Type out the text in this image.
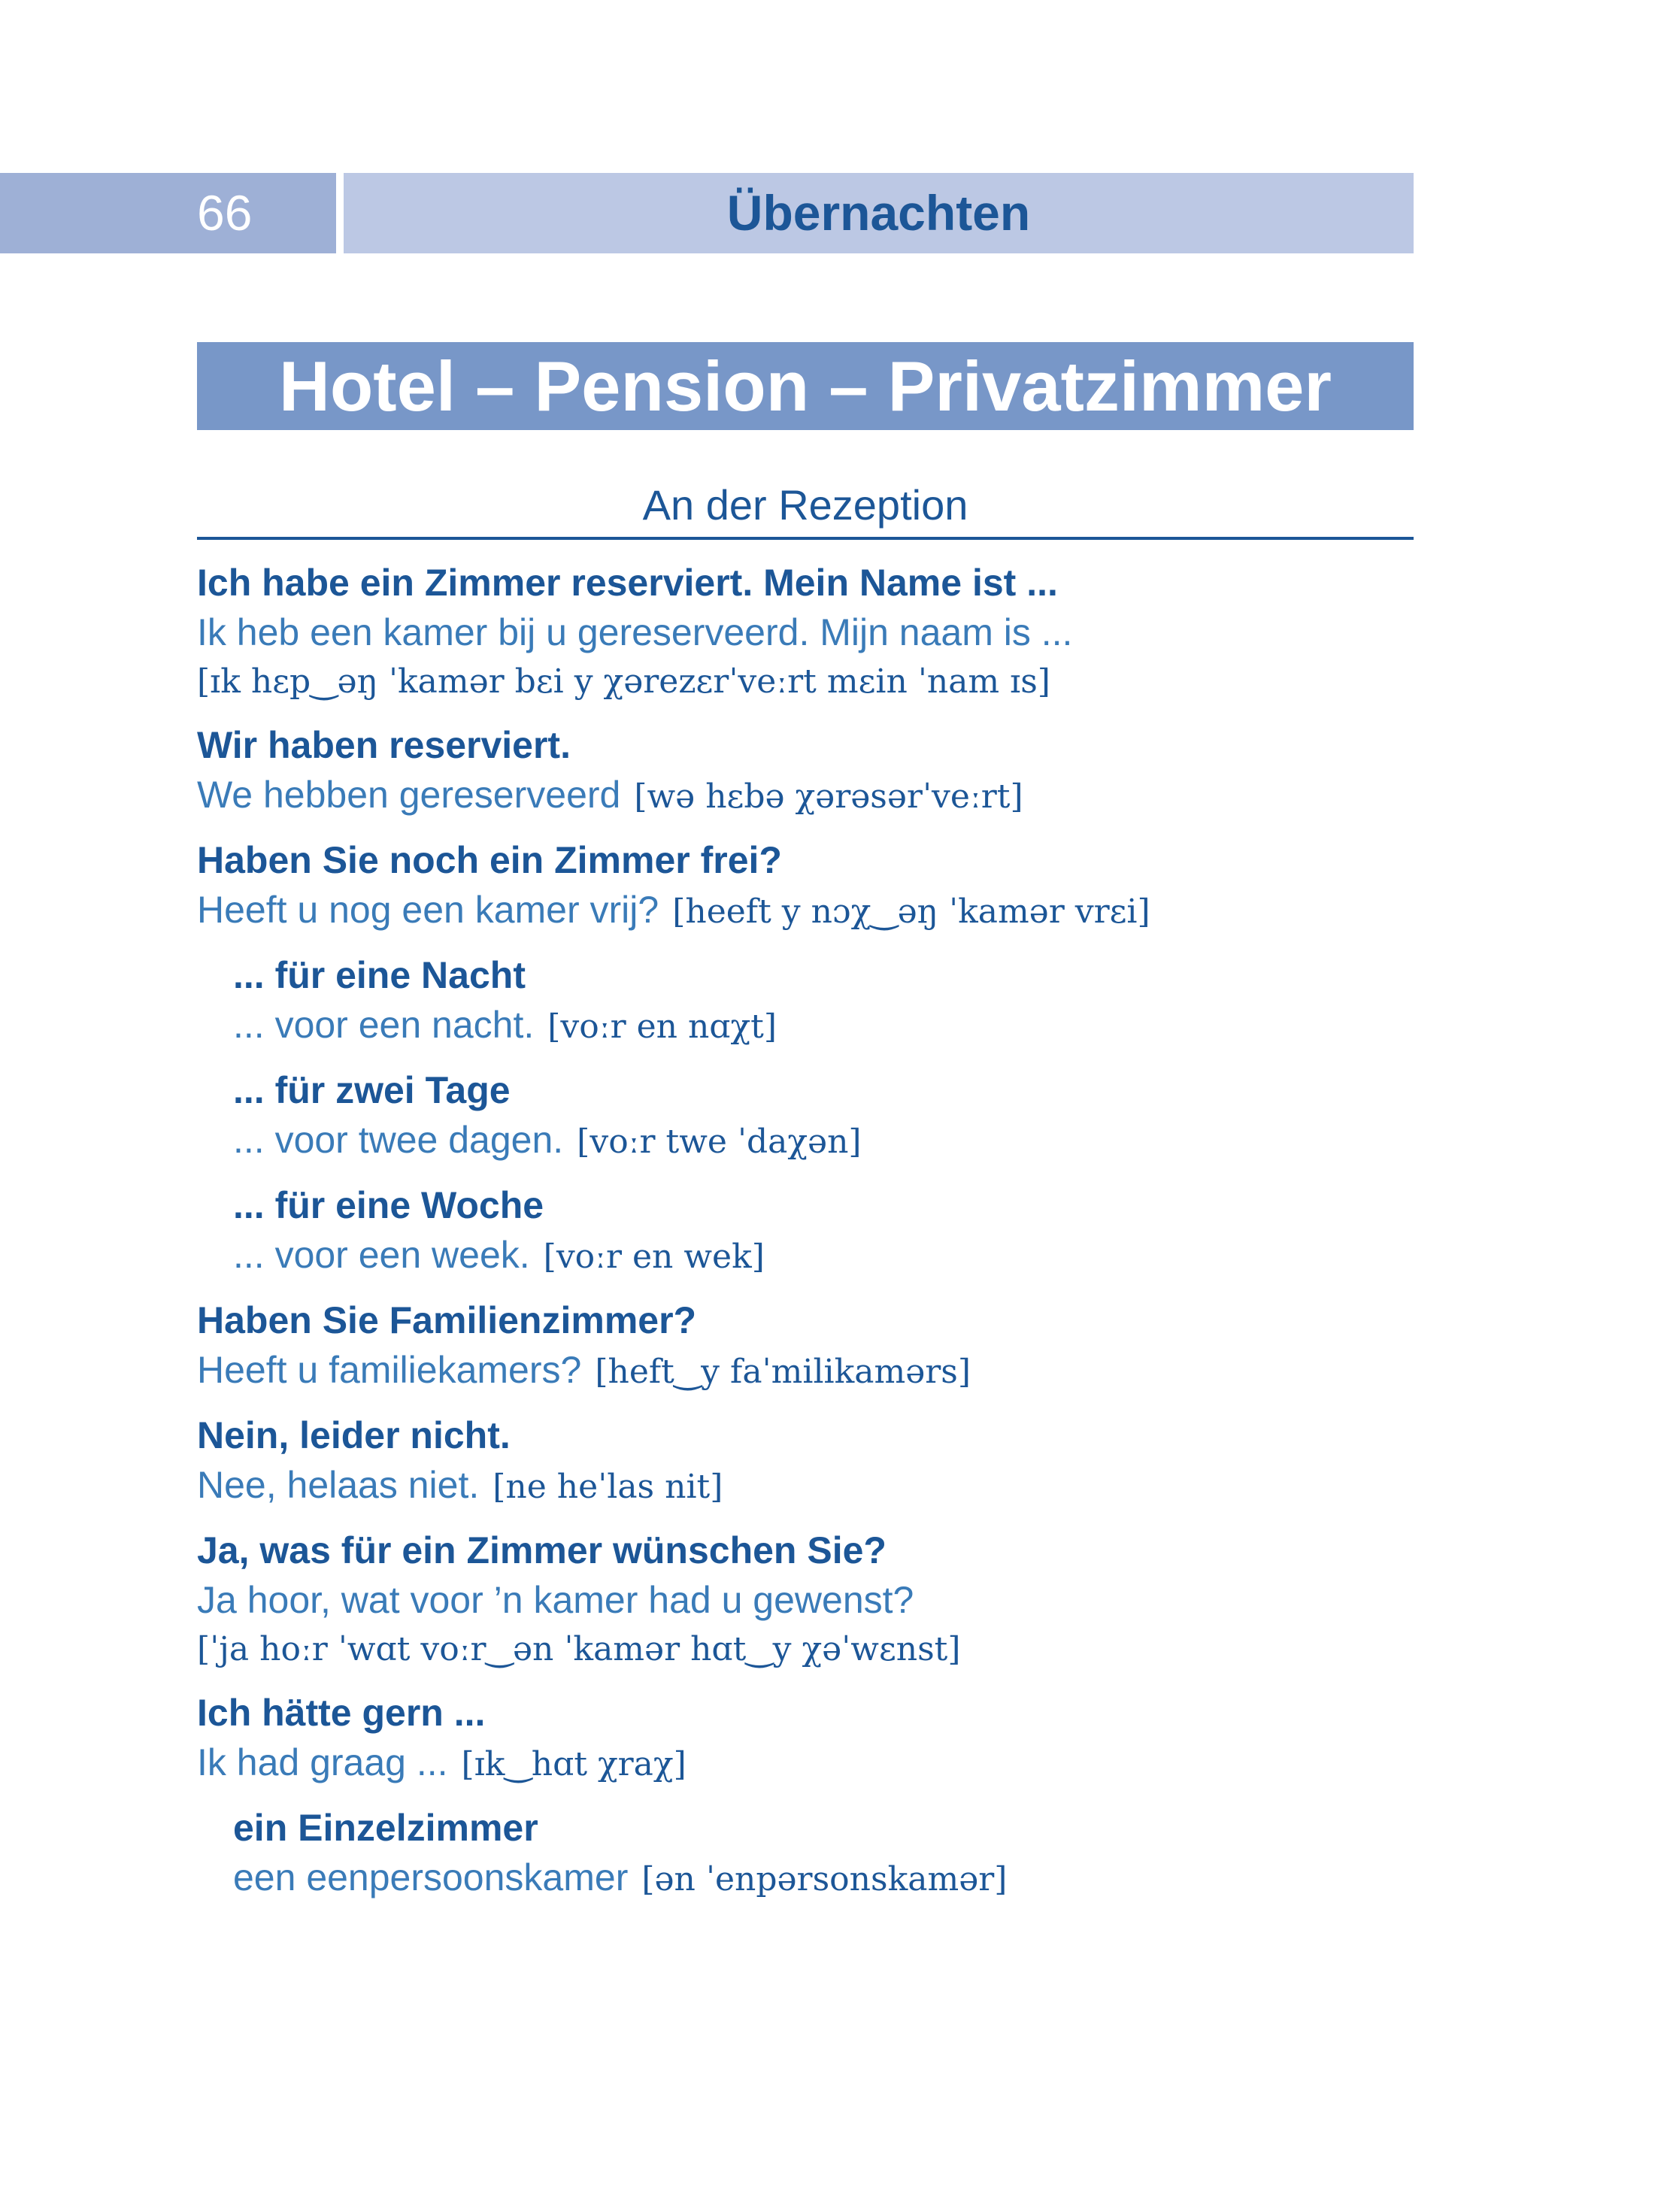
66	Übernachten
Hotel – Pension – Privatzimmer
An der Rezeption
Ich habe ein Zimmer reserviert. Mein Name ist ...
Ik heb een kamer bij u gereserveerd. Mijn naam is ...
[ɪk hɛp‿əŋ ˈkamər bɛi y χərezɛrˈveːrt mɛin ˈnam ɪs]
Wir haben reserviert.
We hebben gereserveerd [wə hɛbə χərəsərˈveːrt]
Haben Sie noch ein Zimmer frei?
Heeft u nog een kamer vrij? [heeft y nɔχ‿əŋ ˈkamər vrɛi]
... für eine Nacht
... voor een nacht. [voːr en nɑχt]
... für zwei Tage
... voor twee dagen. [voːr twe ˈdaχən]
... für eine Woche
... voor een week. [voːr en wek]
Haben Sie Familienzimmer?
Heeft u familiekamers? [heft‿y faˈmilikamərs]
Nein, leider nicht.
Nee, helaas niet. [ne heˈlas nit]
Ja, was für ein Zimmer wünschen Sie?
Ja hoor, wat voor ’n kamer had u gewenst?
[ˈja hoːr ˈwɑt voːr‿ən ˈkamər hɑt‿y χəˈwɛnst]
Ich hätte gern ...
Ik had graag ... [ɪk‿hɑt χraχ]
ein Einzelzimmer
een eenpersoonskamer [ən ˈenpərsonskamər]
